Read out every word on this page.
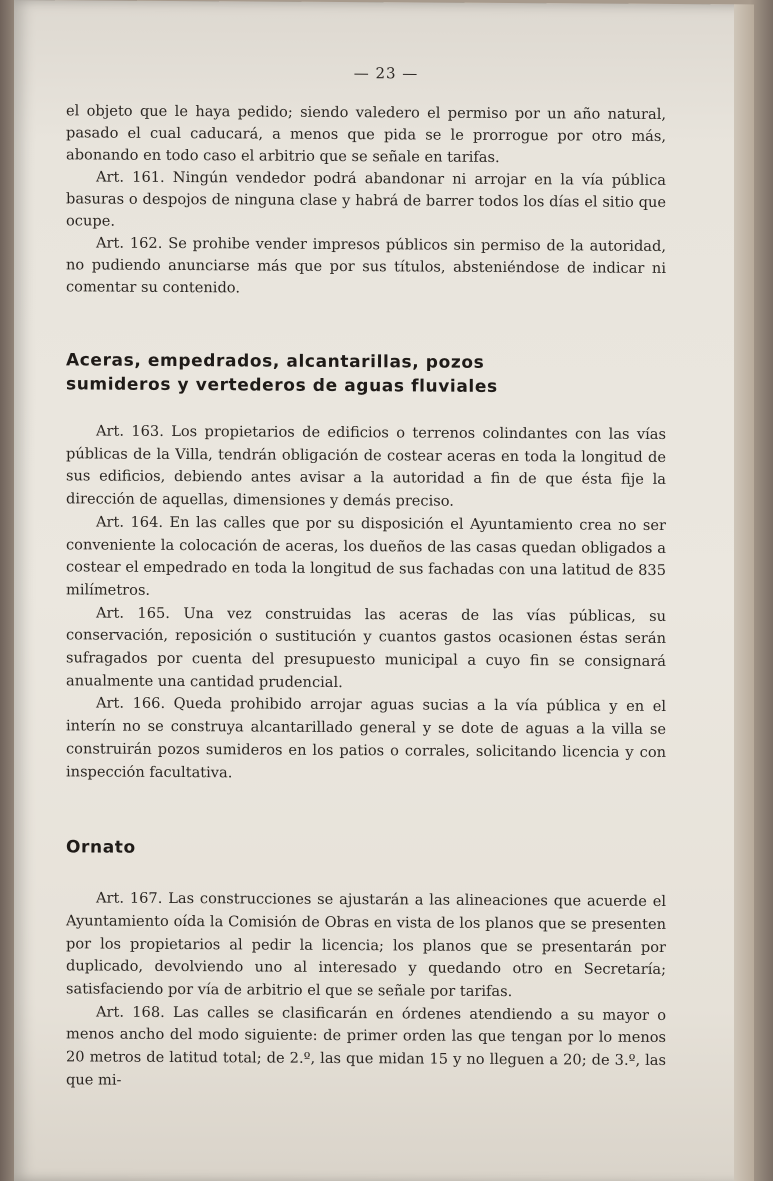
— 23 —

el objeto que le haya pedido; siendo valedero el permiso por un año natural, pasado el cual caducará, a menos que pida se le prorrogue por otro más, abonando en todo caso el arbitrio que se señale en tarifas.

Art. 161. Ningún vendedor podrá abandonar ni arrojar en la vía pública basuras o despojos de ninguna clase y habrá de barrer todos los días el sitio que ocupe.

Art. 162. Se prohibe vender impresos públicos sin permiso de la autoridad, no pudiendo anunciarse más que por sus títulos, absteniéndose de indicar ni comentar su contenido.

Aceras, empedrados, alcantarillas, pozos
sumideros y vertederos de aguas fluviales

Art. 163. Los propietarios de edificios o terrenos colindantes con las vías públicas de la Villa, tendrán obligación de costear aceras en toda la longitud de sus edificios, debiendo antes avisar a la autoridad a fin de que ésta fije la dirección de aquellas, dimensiones y demás preciso.

Art. 164. En las calles que por su disposición el Ayuntamiento crea no ser conveniente la colocación de aceras, los dueños de las casas quedan obligados a costear el empedrado en toda la longitud de sus fachadas con una latitud de 835 milímetros.

Art. 165. Una vez construidas las aceras de las vías públicas, su conservación, reposición o sustitución y cuantos gastos ocasionen éstas serán sufragados por cuenta del presupuesto municipal a cuyo fin se consignará anualmente una cantidad prudencial.

Art. 166. Queda prohibido arrojar aguas sucias a la vía pública y en el interín no se construya alcantarillado general y se dote de aguas a la villa se construirán pozos sumideros en los patios o corrales, solicitando licencia y con inspección facultativa.

Ornato

Art. 167. Las construcciones se ajustarán a las alineaciones que acuerde el Ayuntamiento oída la Comisión de Obras en vista de los planos que se presenten por los propietarios al pedir la licencia; los planos que se presentarán por duplicado, devolviendo uno al interesado y quedando otro en Secretaría; satisfaciendo por vía de arbitrio el que se señale por tarifas.

Art. 168. Las calles se clasificarán en órdenes atendiendo a su mayor o menos ancho del modo siguiente: de primer orden las que tengan por lo menos 20 metros de latitud total; de 2.º, las que midan 15 y no lleguen a 20; de 3.º, las que mi-
